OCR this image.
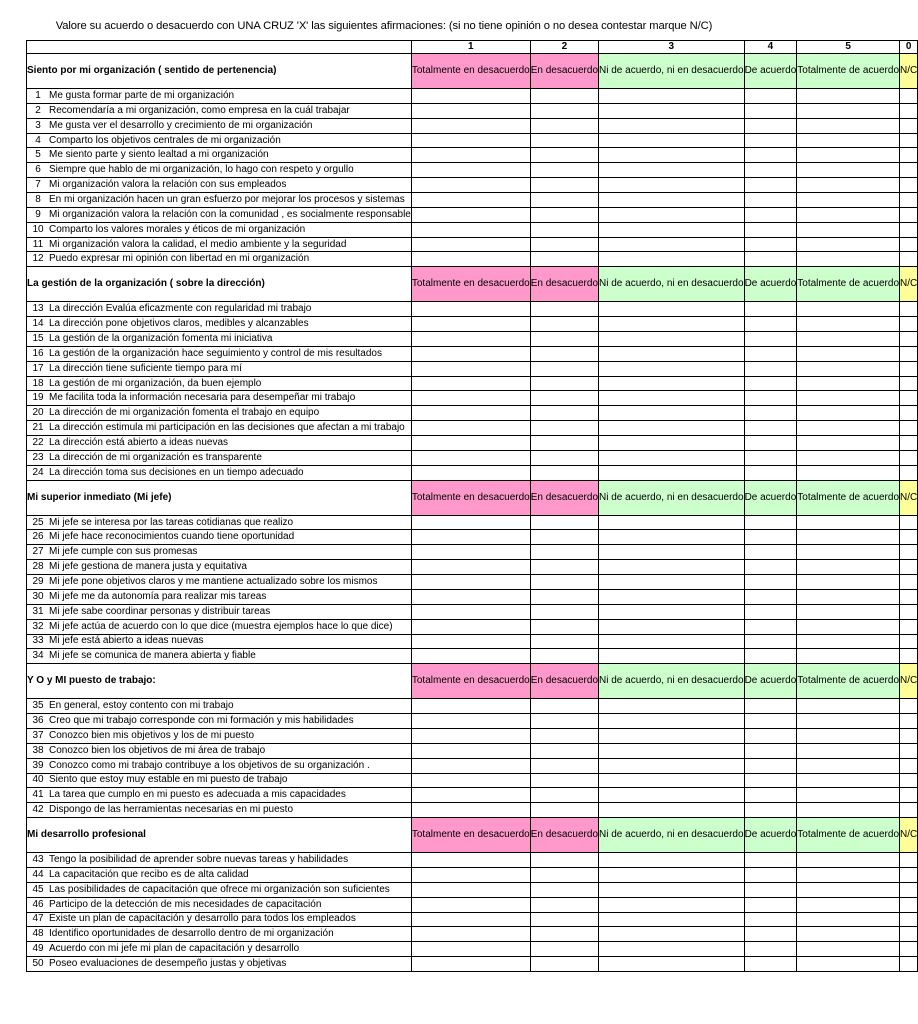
Valore su acuerdo o desacuerdo con UNA CRUZ 'X' las siguientes afirmaciones: (si no tiene opinión o no desea contestar marque N/C)
	1	2	3	4	5	0
Siento por mi organización ( sentido de pertenencia)	Totalmente en desacuerdo	En desacuerdo	Ni de acuerdo, ni en desacuerdo	De acuerdo	Totalmente de acuerdo	N/C
1 Me gusta formar parte de mi organización						
2 Recomendaría a mi organización, como empresa en la cuál trabajar						
3 Me gusta ver el desarrollo y crecimiento de mi organización						
4 Comparto los objetivos centrales de mi organización						
5 Me siento parte y siento lealtad a mi organización						
6 Siempre que hablo de mi organización, lo hago con respeto y orgullo						
7 Mi organización valora la relación con sus empleados						
8 En mi organización hacen un gran esfuerzo por mejorar los procesos y sistemas						
9 Mi organización valora la relación con la comunidad , es socialmente responsable						
10 Comparto los valores morales y éticos de mi organización						
11 Mi organización valora la calidad, el medio ambiente y la seguridad						
12 Puedo expresar mi opinión con libertad en mi organización						
La gestión de la organización ( sobre la dirección)	Totalmente en desacuerdo	En desacuerdo	Ni de acuerdo, ni en desacuerdo	De acuerdo	Totalmente de acuerdo	N/C
13 La dirección Evalúa eficazmente con regularidad mi trabajo						
14 La dirección pone objetivos claros, medibles y alcanzables						
15 La gestión de la organización fomenta mi iniciativa						
16 La gestión de la organización hace seguimiento y control de mis resultados						
17 La dirección tiene suficiente tiempo para mí						
18 La gestión de mi organización, da buen ejemplo						
19 Me facilita toda la información necesaria para desempeñar mi trabajo						
20 La dirección de mi organización fomenta el trabajo en equipo						
21 La dirección estimula mi participación en las decisiones que afectan a mi trabajo						
22 La dirección está abierto a ideas nuevas						
23 La dirección de mi organización es transparente						
24 La dirección toma sus decisiones en un tiempo adecuado						
Mi superior inmediato (Mi jefe)	Totalmente en desacuerdo	En desacuerdo	Ni de acuerdo, ni en desacuerdo	De acuerdo	Totalmente de acuerdo	N/C
25 Mi jefe se interesa por las tareas cotidianas que realizo						
26 Mi jefe hace reconocimientos cuando tiene oportunidad						
27 Mi jefe cumple con sus promesas						
28 Mi jefe gestiona de manera justa y equitativa						
29 Mi jefe pone objetivos claros y me mantiene actualizado sobre los mismos						
30 Mi jefe me da autonomía para realizar mis tareas						
31 Mi jefe sabe coordinar personas y distribuir tareas						
32 Mi jefe actúa de acuerdo con lo que dice (muestra ejemplos hace lo que dice)						
33 Mi jefe está abierto a ideas nuevas						
34 Mi jefe se comunica de manera abierta y fiable						
Y O y MI puesto de trabajo:	Totalmente en desacuerdo	En desacuerdo	Ni de acuerdo, ni en desacuerdo	De acuerdo	Totalmente de acuerdo	N/C
35 En general, estoy contento con mi trabajo						
36 Creo que mi trabajo corresponde con mi formación y mis habilidades						
37 Conozco bien mis objetivos y los de mi puesto						
38 Conozco bien los objetivos de mi área de trabajo						
39 Conozco como mi trabajo contribuye a los objetivos de su organización .						
40 Siento que estoy muy estable en mi puesto de trabajo						
41 La tarea que cumplo en mi puesto es adecuada a mis capacidades						
42 Dispongo de las herramientas necesarias en mi puesto						
Mi desarrollo profesional	Totalmente en desacuerdo	En desacuerdo	Ni de acuerdo, ni en desacuerdo	De acuerdo	Totalmente de acuerdo	N/C
43 Tengo la posibilidad de aprender sobre nuevas tareas y habilidades						
44 La capacitación que recibo es de alta calidad						
45 Las posibilidades de capacitación que ofrece mi organización son suficientes						
46 Participo de la detección de mis necesidades de capacitación						
47 Existe un plan de capacitación y desarrollo para todos los empleados						
48 Identifico oportunidades de desarrollo dentro de mi organización						
49 Acuerdo con mi jefe mi plan de capacitación y desarrollo						
50 Poseo evaluaciones de desempeño justas y objetivas						
